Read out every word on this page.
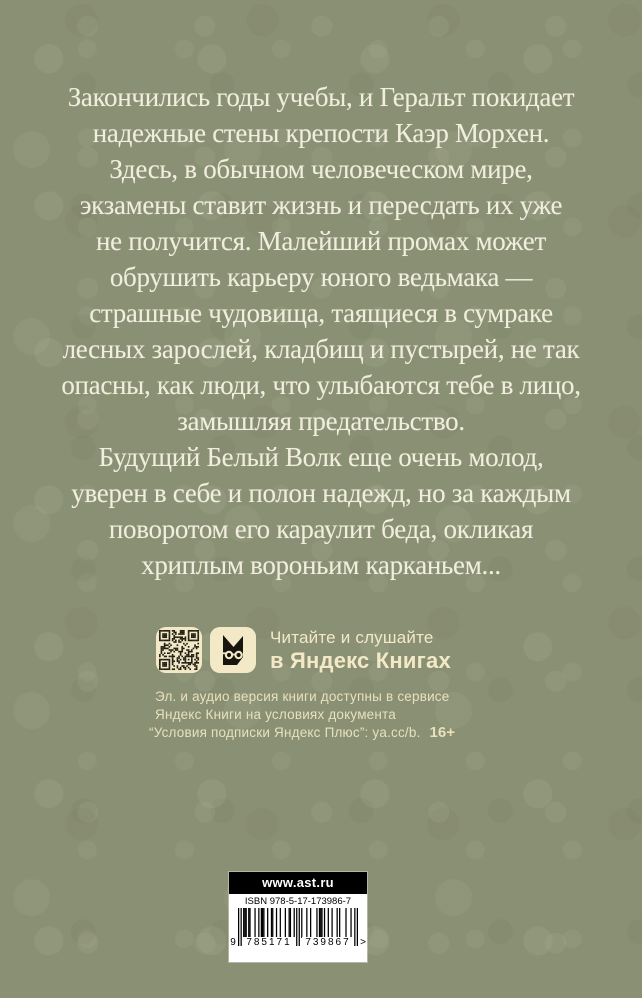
Закончились годы учебы, и Геральт покидает
надежные стены крепости Каэр Морхен.
Здесь, в обычном человеческом мире,
экзамены ставит жизнь и пересдать их уже
не получится. Малейший промах может
обрушить карьеру юного ведьмака —
страшные чудовища, таящиеся в сумраке
лесных зарослей, кладбищ и пустырей, не так
опасны, как люди, что улыбаются тебе в лицо,
замышляя предательство.
Будущий Белый Волк еще очень молод,
уверен в себе и полон надежд, но за каждым
поворотом его караулит беда, окликая
хриплым вороньим карканьем...
Читайте и слушайте
в Яндекс Книгах
Эл. и аудио версия книги доступны в сервисе
Яндекс Книги на условиях документа
“Условия подписки Яндекс Плюс”: ya.cc/b. 16+
www.ast.ru
ISBN 978-5-17-173986-7
9	785171	739867 >
